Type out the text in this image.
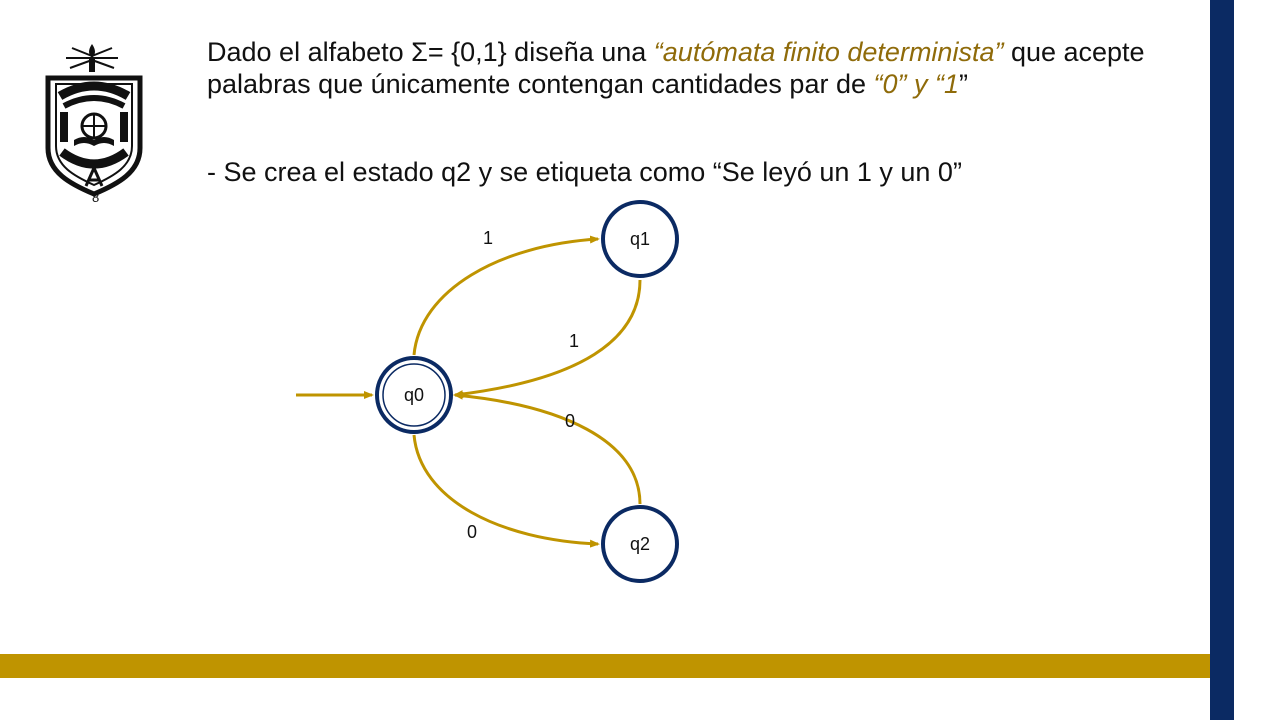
8
Dado el alfabeto Σ= {0,1} diseña una “autómata finito determinista” que acepte palabras que únicamente contengan cantidades par de “0” y “1”
- Se crea el estado q2 y se etiqueta como “Se leyó un 1 y un 0”
1
1
0
0
q0
q1
q2
